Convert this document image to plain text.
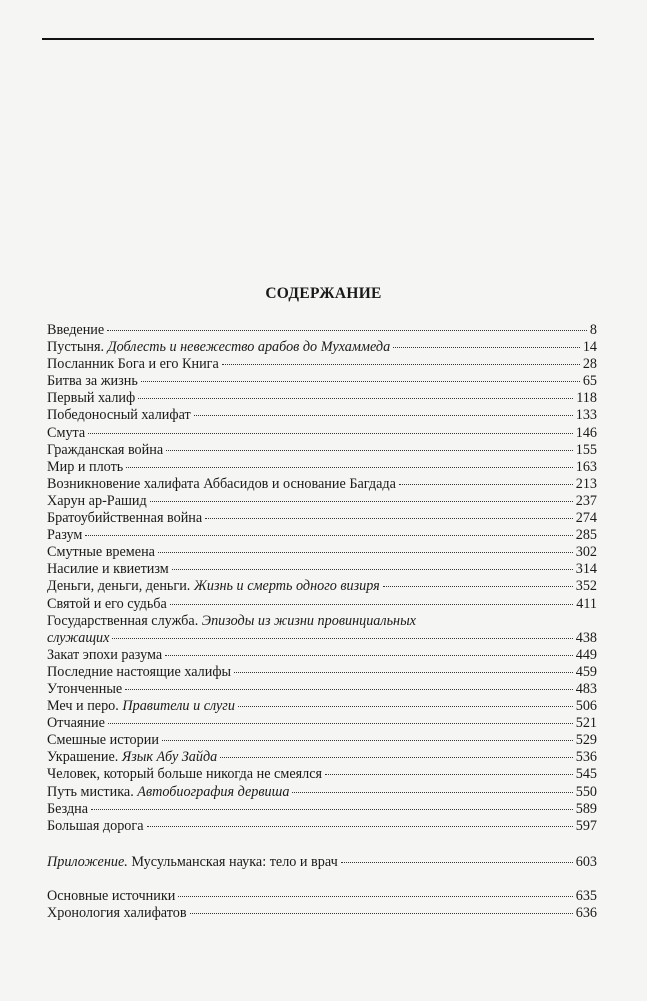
СОДЕРЖАНИЕ
Введение	8
Пустыня. Доблесть и невежество арабов до Мухаммеда	14
Посланник Бога и его Книга	28
Битва за жизнь	65
Первый халиф	118
Победоносный халифат	133
Смута	146
Гражданская война	155
Мир и плоть	163
Возникновение халифата Аббасидов и основание Багдада	213
Харун ар-Рашид	237
Братоубийственная война	274
Разум	285
Смутные времена	302
Насилие и квиетизм	314
Деньги, деньги, деньги. Жизнь и смерть одного визиря	352
Святой и его судьба	411
Государственная служба. Эпизоды из жизни провинциальных
служащих	438
Закат эпохи разума	449
Последние настоящие халифы	459
Утонченные	483
Меч и перо. Правители и слуги	506
Отчаяние	521
Смешные истории	529
Украшение. Язык Абу Зайда	536
Человек, который больше никогда не смеялся	545
Путь мистика. Автобиография дервиша	550
Бездна	589
Большая дорога	597
Приложение. Мусульманская наука: тело и врач	603
Основные источники	635
Хронология халифатов	636
